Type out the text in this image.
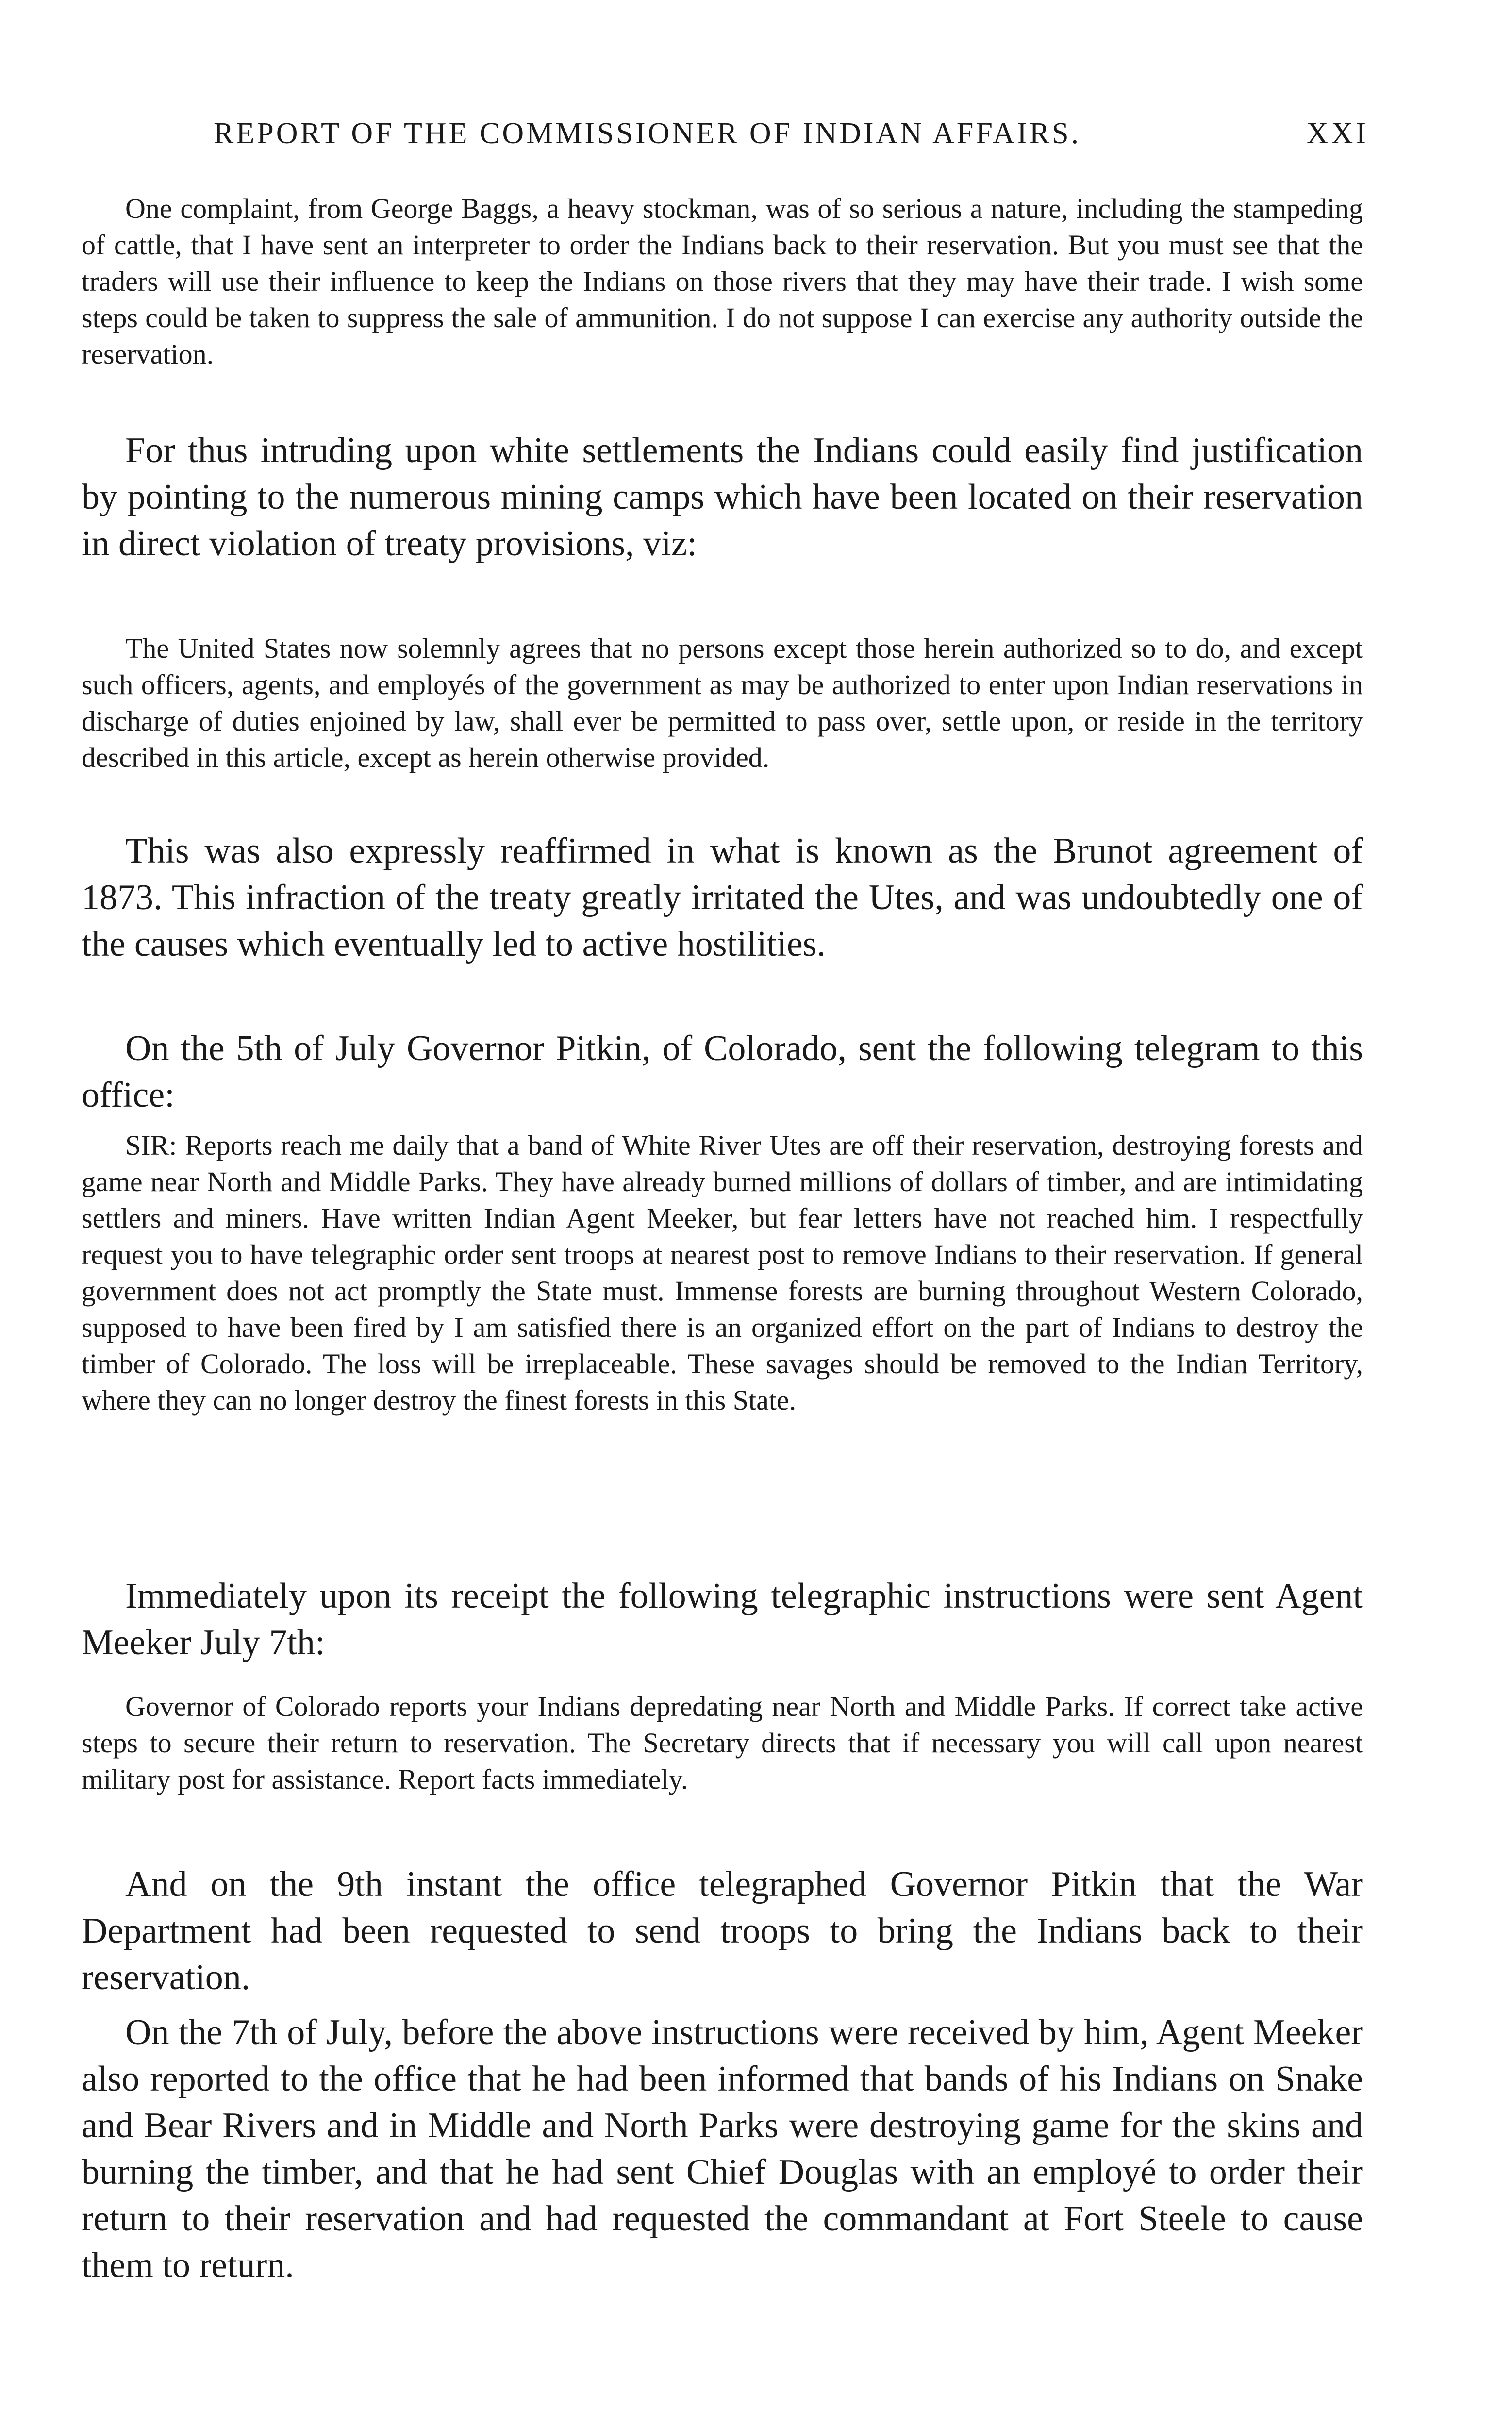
REPORT OF THE COMMISSIONER OF INDIAN AFFAIRS.	XXI

One complaint, from George Baggs, a heavy stockman, was of so serious a nature, including the stampeding of cattle, that I have sent an interpreter to order the Indians back to their reservation. But you must see that the traders will use their influence to keep the Indians on those rivers that they may have their trade. I wish some steps could be taken to suppress the sale of ammunition. I do not suppose I can exercise any authority outside the reservation.

For thus intruding upon white settlements the Indians could easily find justification by pointing to the numerous mining camps which have been located on their reservation in direct violation of treaty provisions, viz:

The United States now solemnly agrees that no persons except those herein authorized so to do, and except such officers, agents, and employés of the government as may be authorized to enter upon Indian reservations in discharge of duties enjoined by law, shall ever be permitted to pass over, settle upon, or reside in the territory described in this article, except as herein otherwise provided.

This was also expressly reaffirmed in what is known as the Brunot agreement of 1873. This infraction of the treaty greatly irritated the Utes, and was undoubtedly one of the causes which eventually led to active hostilities.

On the 5th of July Governor Pitkin, of Colorado, sent the following telegram to this office:

SIR: Reports reach me daily that a band of White River Utes are off their reservation, destroying forests and game near North and Middle Parks. They have already burned millions of dollars of timber, and are intimidating settlers and miners. Have written Indian Agent Meeker, but fear letters have not reached him. I respectfully request you to have telegraphic order sent troops at nearest post to remove Indians to their reservation. If general government does not act promptly the State must. Immense forests are burning throughout Western Colorado, supposed to have been fired by I am satisfied there is an organized effort on the part of Indians to destroy the timber of Colorado. The loss will be irreplaceable. These savages should be removed to the Indian Territory, where they can no longer destroy the finest forests in this State.

Immediately upon its receipt the following telegraphic instructions were sent Agent Meeker July 7th:

Governor of Colorado reports your Indians depredating near North and Middle Parks. If correct take active steps to secure their return to reservation. The Secretary directs that if necessary you will call upon nearest military post for assistance. Report facts immediately.

And on the 9th instant the office telegraphed Governor Pitkin that the War Department had been requested to send troops to bring the Indians back to their reservation.

On the 7th of July, before the above instructions were received by him, Agent Meeker also reported to the office that he had been informed that bands of his Indians on Snake and Bear Rivers and in Middle and North Parks were destroying game for the skins and burning the timber, and that he had sent Chief Douglas with an employé to order their return to their reservation and had requested the commandant at Fort Steele to cause them to return.
